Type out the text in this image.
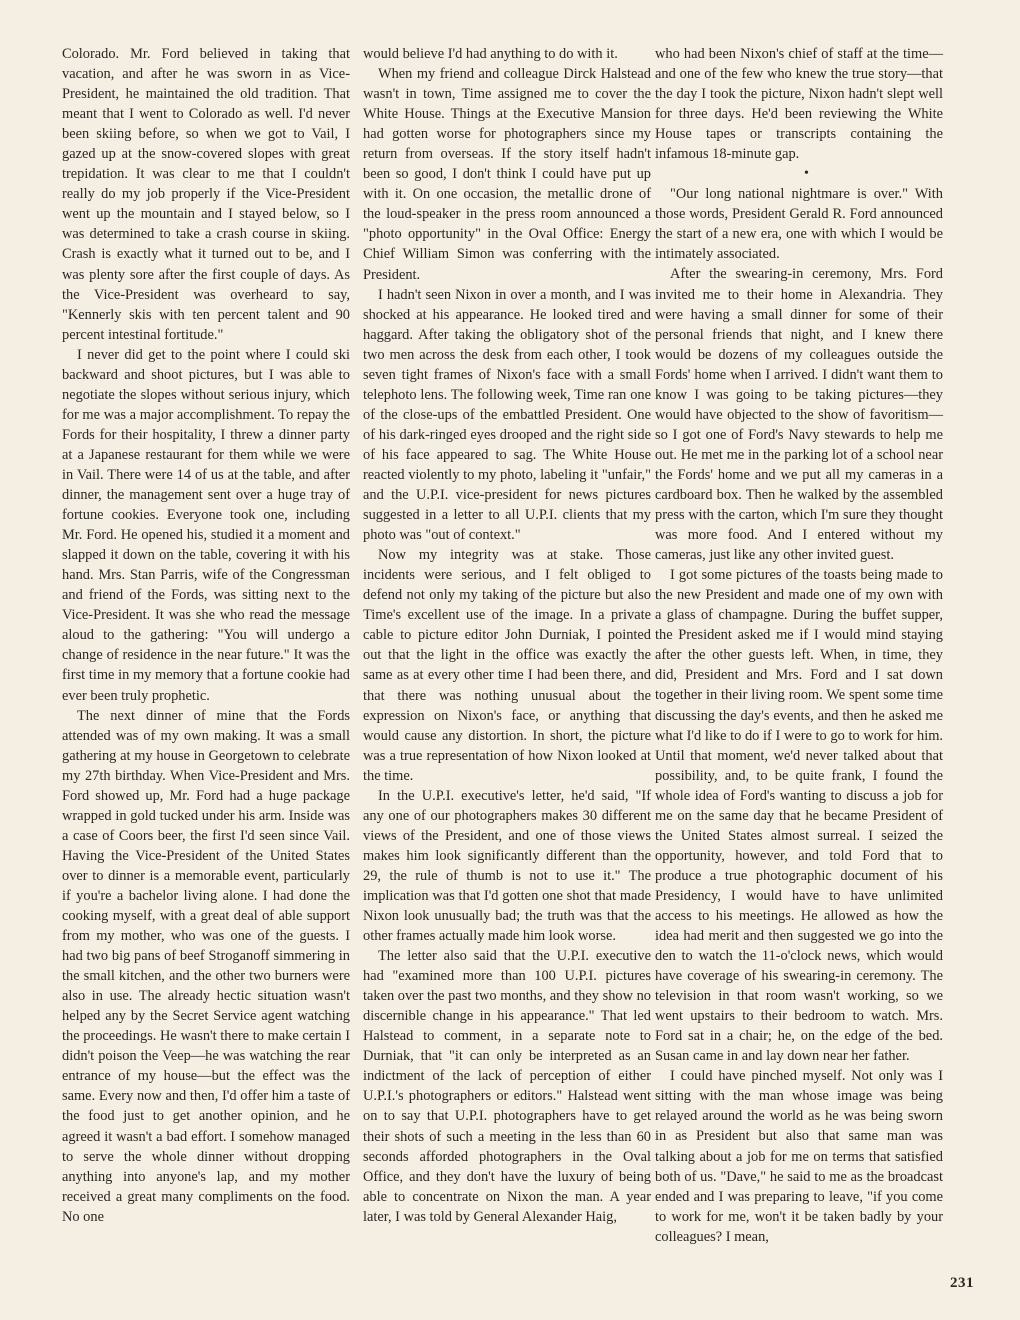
Colorado. Mr. Ford believed in taking that vacation, and after he was sworn in as Vice-President, he maintained the old tradition. That meant that I went to Colorado as well. I'd never been skiing before, so when we got to Vail, I gazed up at the snow-covered slopes with great trepidation. It was clear to me that I couldn't really do my job properly if the Vice-President went up the mountain and I stayed below, so I was determined to take a crash course in skiing. Crash is exactly what it turned out to be, and I was plenty sore after the first couple of days. As the Vice-President was overheard to say, "Kennerly skis with ten percent talent and 90 percent intestinal fortitude."

I never did get to the point where I could ski backward and shoot pictures, but I was able to negotiate the slopes without serious injury, which for me was a major accomplishment. To repay the Fords for their hospitality, I threw a dinner party at a Japanese restaurant for them while we were in Vail. There were 14 of us at the table, and after dinner, the management sent over a huge tray of fortune cookies. Everyone took one, including Mr. Ford. He opened his, studied it a moment and slapped it down on the table, covering it with his hand. Mrs. Stan Parris, wife of the Congressman and friend of the Fords, was sitting next to the Vice-President. It was she who read the message aloud to the gathering: "You will undergo a change of residence in the near future." It was the first time in my memory that a fortune cookie had ever been truly prophetic.

The next dinner of mine that the Fords attended was of my own making. It was a small gathering at my house in Georgetown to celebrate my 27th birthday. When Vice-President and Mrs. Ford showed up, Mr. Ford had a huge package wrapped in gold tucked under his arm. Inside was a case of Coors beer, the first I'd seen since Vail. Having the Vice-President of the United States over to dinner is a memorable event, particularly if you're a bachelor living alone. I had done the cooking myself, with a great deal of able support from my mother, who was one of the guests. I had two big pans of beef Stroganoff simmering in the small kitchen, and the other two burners were also in use. The already hectic situation wasn't helped any by the Secret Service agent watching the proceedings. He wasn't there to make certain I didn't poison the Veep—he was watching the rear entrance of my house—but the effect was the same. Every now and then, I'd offer him a taste of the food just to get another opinion, and he agreed it wasn't a bad effort. I somehow managed to serve the whole dinner without dropping anything into anyone's lap, and my mother received a great many compliments on the food. No one

would believe I'd had anything to do with it.

When my friend and colleague Dirck Halstead wasn't in town, Time assigned me to cover the White House. Things at the Executive Mansion had gotten worse for photographers since my return from overseas. If the story itself hadn't been so good, I don't think I could have put up with it. On one occasion, the metallic drone of the loud-speaker in the press room announced a "photo opportunity" in the Oval Office: Energy Chief William Simon was conferring with the President.

I hadn't seen Nixon in over a month, and I was shocked at his appearance. He looked tired and haggard. After taking the obligatory shot of the two men across the desk from each other, I took seven tight frames of Nixon's face with a small telephoto lens. The following week, Time ran one of the close-ups of the embattled President. One of his dark-ringed eyes drooped and the right side of his face appeared to sag. The White House reacted violently to my photo, labeling it "unfair," and the U.P.I. vice-president for news pictures suggested in a letter to all U.P.I. clients that my photo was "out of context."

Now my integrity was at stake. Those incidents were serious, and I felt obliged to defend not only my taking of the picture but also Time's excellent use of the image. In a private cable to picture editor John Durniak, I pointed out that the light in the office was exactly the same as at every other time I had been there, and that there was nothing unusual about the expression on Nixon's face, or anything that would cause any distortion. In short, the picture was a true representation of how Nixon looked at the time.

In the U.P.I. executive's letter, he'd said, "If any one of our photographers makes 30 different views of the President, and one of those views makes him look significantly different than the 29, the rule of thumb is not to use it." The implication was that I'd gotten one shot that made Nixon look unusually bad; the truth was that the other frames actually made him look worse.

The letter also said that the U.P.I. executive had "examined more than 100 U.P.I. pictures taken over the past two months, and they show no discernible change in his appearance." That led Halstead to comment, in a separate note to Durniak, that "it can only be interpreted as an indictment of the lack of perception of either U.P.I.'s photographers or editors." Halstead went on to say that U.P.I. photographers have to get their shots of such a meeting in the less than 60 seconds afforded photographers in the Oval Office, and they don't have the luxury of being able to concentrate on Nixon the man. A year later, I was told by General Alexander Haig,

who had been Nixon's chief of staff at the time—and one of the few who knew the true story—that the day I took the picture, Nixon hadn't slept well for three days. He'd been reviewing the White House tapes or transcripts containing the infamous 18-minute gap.

•

"Our long national nightmare is over." With those words, President Gerald R. Ford announced the start of a new era, one with which I would be intimately associated.

After the swearing-in ceremony, Mrs. Ford invited me to their home in Alexandria. They were having a small dinner for some of their personal friends that night, and I knew there would be dozens of my colleagues outside the Fords' home when I arrived. I didn't want them to know I was going to be taking pictures—they would have objected to the show of favoritism—so I got one of Ford's Navy stewards to help me out. He met me in the parking lot of a school near the Fords' home and we put all my cameras in a cardboard box. Then he walked by the assembled press with the carton, which I'm sure they thought was more food. And I entered without my cameras, just like any other invited guest.

I got some pictures of the toasts being made to the new President and made one of my own with a glass of champagne. During the buffet supper, the President asked me if I would mind staying after the other guests left. When, in time, they did, President and Mrs. Ford and I sat down together in their living room. We spent some time discussing the day's events, and then he asked me what I'd like to do if I were to go to work for him. Until that moment, we'd never talked about that possibility, and, to be quite frank, I found the whole idea of Ford's wanting to discuss a job for me on the same day that he became President of the United States almost surreal. I seized the opportunity, however, and told Ford that to produce a true photographic document of his Presidency, I would have to have unlimited access to his meetings. He allowed as how the idea had merit and then suggested we go into the den to watch the 11-o'clock news, which would have coverage of his swearing-in ceremony. The television in that room wasn't working, so we went upstairs to their bedroom to watch. Mrs. Ford sat in a chair; he, on the edge of the bed. Susan came in and lay down near her father.

I could have pinched myself. Not only was I sitting with the man whose image was being relayed around the world as he was being sworn in as President but also that same man was talking about a job for me on terms that satisfied both of us. "Dave," he said to me as the broadcast ended and I was preparing to leave, "if you come to work for me, won't it be taken badly by your colleagues? I mean,

231
